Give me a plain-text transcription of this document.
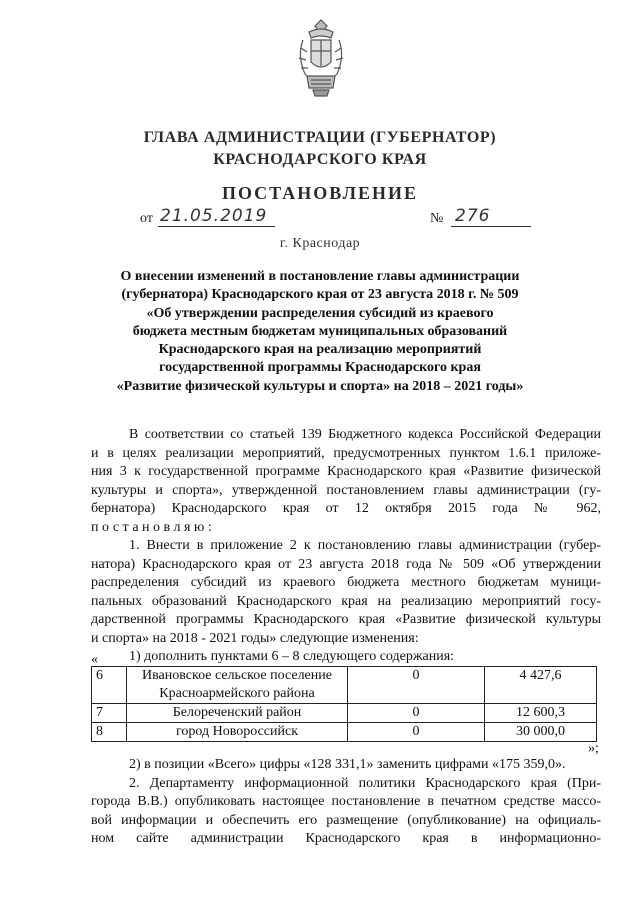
ГЛАВА АДМИНИСТРАЦИИ (ГУБЕРНАТОР)
КРАСНОДАРСКОГО КРАЯ
ПОСТАНОВЛЕНИЕ
от 21.05.2019	№ 276
г. Краснодар
О внесении изменений в постановление главы администрации
(губернатора) Краснодарского края от 23 августа 2018 г. № 509
«Об утверждении распределения субсидий из краевого
бюджета местным бюджетам муниципальных образований
Краснодарского края на реализацию мероприятий
государственной программы Краснодарского края
«Развитие физической культуры и спорта» на 2018 – 2021 годы»
В соответствии со статьей 139 Бюджетного кодекса Российской Федерации
и в целях реализации мероприятий, предусмотренных пунктом 1.6.1 приложе-
ния 3 к государственной программе Краснодарского края «Развитие физической
культуры и спорта», утвержденной постановлением главы администрации (гу-
бернатора) Краснодарского края от 12 октября 2015 года № 962,
постановляю:
1. Внести в приложение 2 к постановлению главы администрации (губер-
натора) Краснодарского края от 23 августа 2018 года № 509 «Об утверждении
распределения субсидий из краевого бюджета местного бюджетам муници-
пальных образований Краснодарского края на реализацию мероприятий госу-
дарственной программы Краснодарского края «Развитие физической культуры
и спорта» на 2018 - 2021 годы» следующие изменения:
1) дополнить пунктами 6 – 8 следующего содержания:
«
6	Ивановское сельское поселение
Красноармейского района	0	4 427,6
7	Белореченский район	0	12 600,3
8	город Новороссийск	0	30 000,0
»;
2) в позиции «Всего» цифры «128 331,1» заменить цифрами «175 359,0».
2. Департаменту информационной политики Краснодарского края (При-
города В.В.) опубликовать настоящее постановление в печатном средстве массо-
вой информации и обеспечить его размещение (опубликование) на официаль-
ном сайте администрации Краснодарского края в информационно-
